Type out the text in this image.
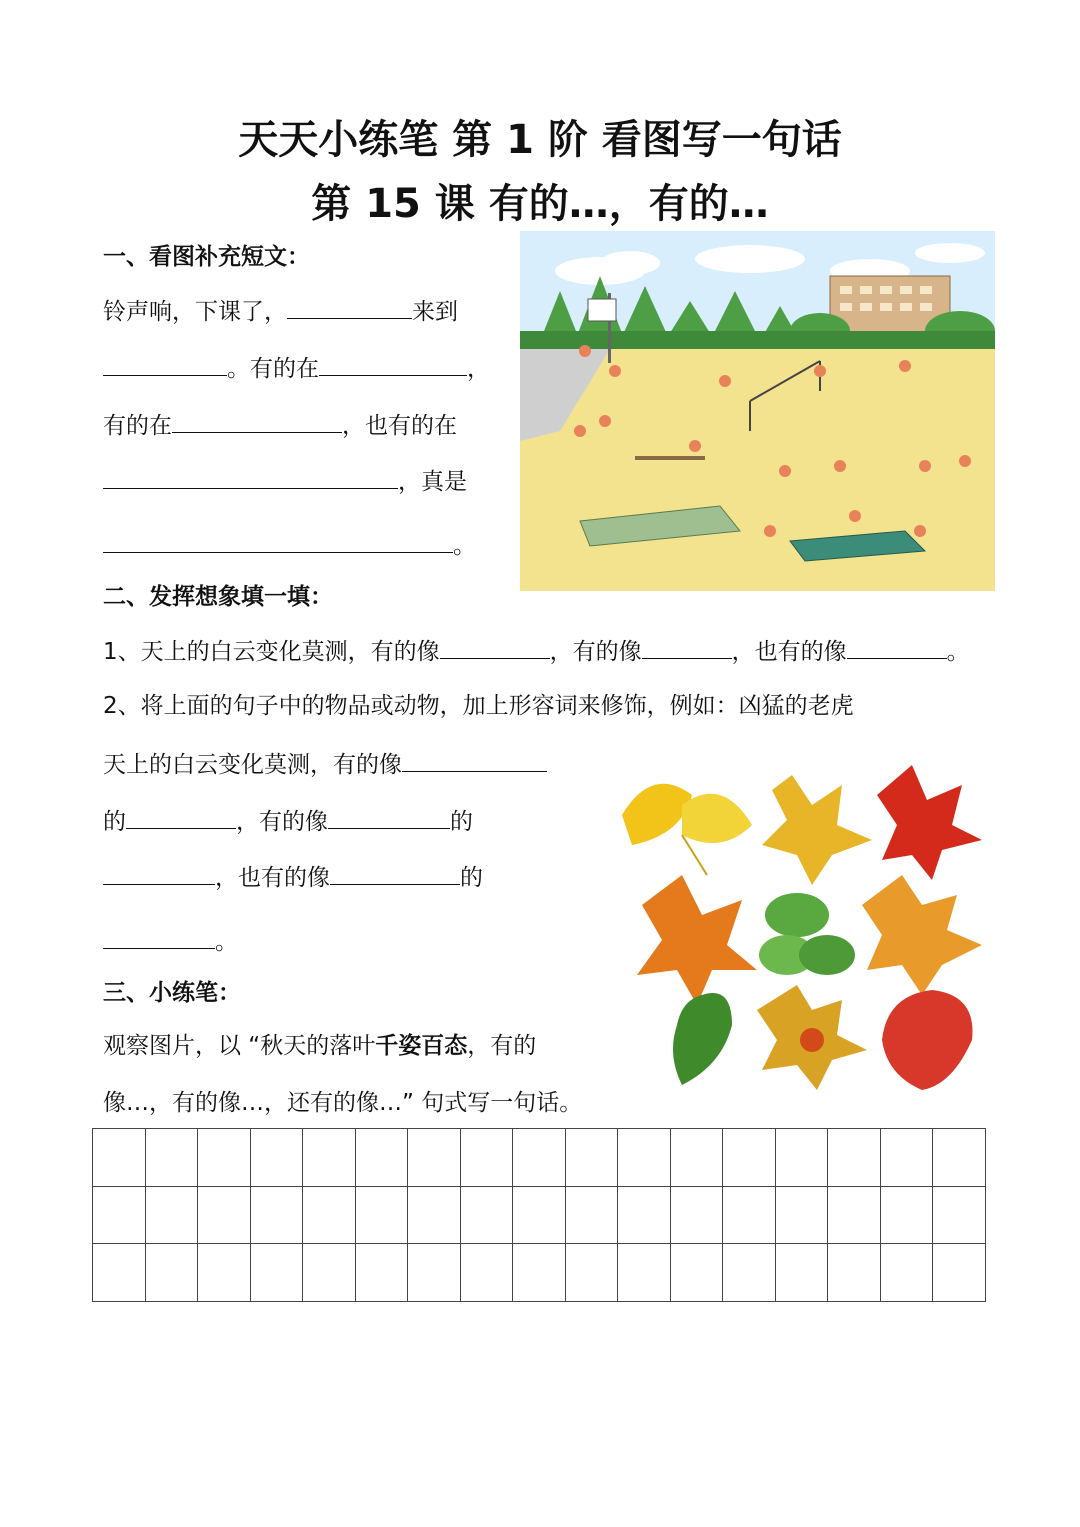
天天小练笔 第 1 阶 看图写一句话
第 15 课 有的…，有的…
一、看图补充短文：
铃声响，下课了，	来到
。有的在	，
有的在	，也有的在
，真是
。
二、发挥想象填一填：
1、天上的白云变化莫测，有的像	，有的像	，也有的像	。
2、将上面的句子中的物品或动物，加上形容词来修饰，例如：凶猛的老虎
天上的白云变化莫测，有的像
的	，有的像	的
，也有的像	的
。
三、小练笔：
观察图片，以 “秋天的落叶千姿百态，有的
像…，有的像…，还有的像…” 句式写一句话。
